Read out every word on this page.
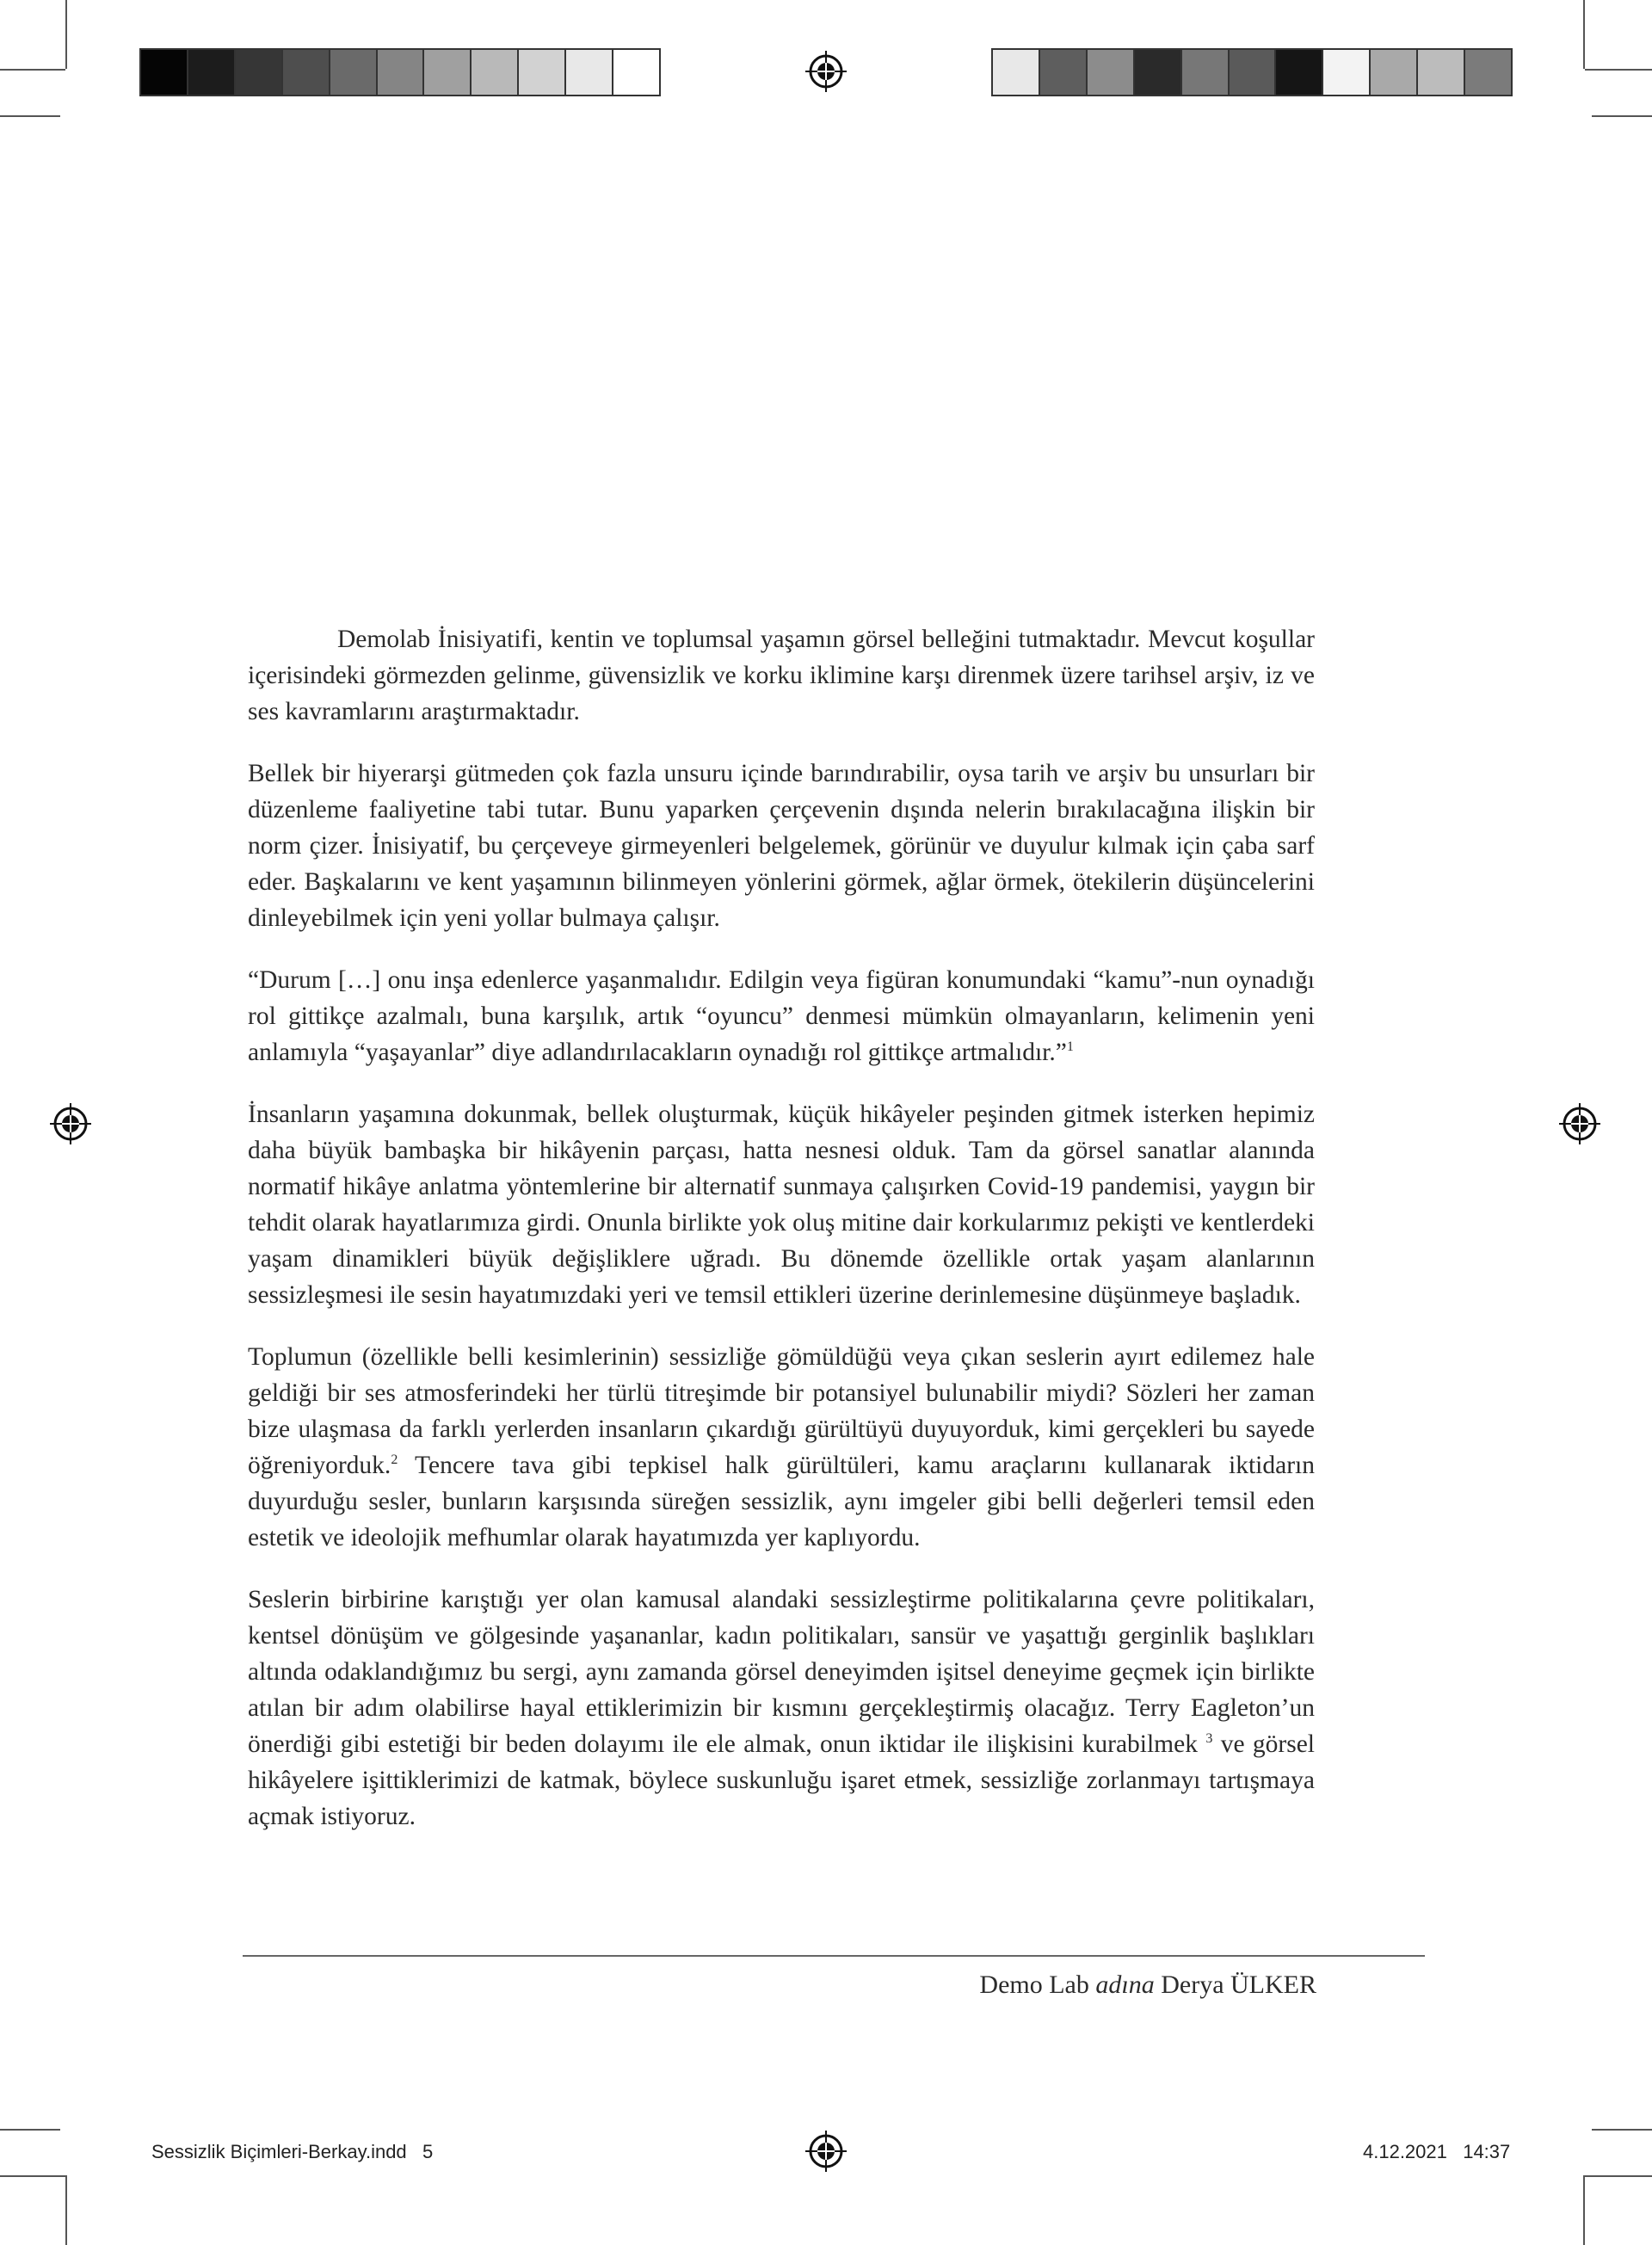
Demolab İnisiyatifi, kentin ve toplumsal yaşamın görsel belleğini tutmaktadır. Mevcut koşullar içerisindeki görmezden gelinme, güvensizlik ve korku iklimine karşı direnmek üzere tarihsel arşiv, iz ve ses kavramlarını araştırmaktadır.

Bellek bir hiyerarşi gütmeden çok fazla unsuru içinde barındırabilir, oysa tarih ve arşiv bu unsurları bir düzenleme faaliyetine tabi tutar. Bunu yaparken çerçevenin dışında nelerin bırakılacağına ilişkin bir norm çizer. İnisiyatif, bu çerçeveye girmeyenleri belgelemek, görünür ve duyulur kılmak için çaba sarf eder. Başkalarını ve kent yaşamının bilinmeyen yönlerini görmek, ağlar örmek, ötekilerin düşüncelerini dinleyebilmek için yeni yollar bulmaya çalışır.

“Durum […] onu inşa edenlerce yaşanmalıdır. Edilgin veya figüran konumundaki “kamu”-nun oynadığı rol gittikçe azalmalı, buna karşılık, artık “oyuncu” denmesi mümkün olmayanların, kelimenin yeni anlamıyla “yaşayanlar” diye adlandırılacakların oynadığı rol gittikçe artmalıdır.”$^1$

İnsanların yaşamına dokunmak, bellek oluşturmak, küçük hikâyeler peşinden gitmek isterken hepimiz daha büyük bambaşka bir hikâyenin parçası, hatta nesnesi olduk. Tam da görsel sanatlar alanında normatif hikâye anlatma yöntemlerine bir alternatif sunmaya çalışırken Covid-19 pandemisi, yaygın bir tehdit olarak hayatlarımıza girdi. Onunla birlikte yok oluş mitine dair korkularımız pekişti ve kentlerdeki yaşam dinamikleri büyük değişliklere uğradı. Bu dönemde özellikle ortak yaşam alanlarının sessizleşmesi ile sesin hayatımızdaki yeri ve temsil ettikleri üzerine derinlemesine düşünmeye başladık.

Toplumun (özellikle belli kesimlerinin) sessizliğe gömüldüğü veya çıkan seslerin ayırt edilemez hale geldiği bir ses atmosferindeki her türlü titreşimde bir potansiyel bulunabilir miydi? Sözleri her zaman bize ulaşmasa da farklı yerlerden insanların çıkardığı gürültüyü duyuyorduk, kimi gerçekleri bu sayede öğreniyorduk.$^2$ Tencere tava gibi tepkisel halk gürültüleri, kamu araçlarını kullanarak iktidarın duyurduğu sesler, bunların karşısında süreğen sessizlik, aynı imgeler gibi belli değerleri temsil eden estetik ve ideolojik mefhumlar olarak hayatımızda yer kaplıyordu.

Seslerin birbirine karıştığı yer olan kamusal alandaki sessizleştirme politikalarına çevre politikaları, kentsel dönüşüm ve gölgesinde yaşananlar, kadın politikaları, sansür ve yaşattığı gerginlik başlıkları altında odaklandığımız bu sergi, aynı zamanda görsel deneyimden işitsel deneyime geçmek için birlikte atılan bir adım olabilirse hayal ettiklerimizin bir kısmını gerçekleştirmiş olacağız. Terry Eagleton’un önerdiği gibi estetiği bir beden dolayımı ile ele almak, onun iktidar ile ilişkisini kurabilmek $^3$ ve görsel hikâyelere işittiklerimizi de katmak, böylece suskunluğu işaret etmek, sessizliğe zorlanmayı tartışmaya açmak istiyoruz.

Demo Lab adına Derya ÜLKER
Sessizlik Biçimleri-Berkay.indd   5	4.12.2021   14:37
